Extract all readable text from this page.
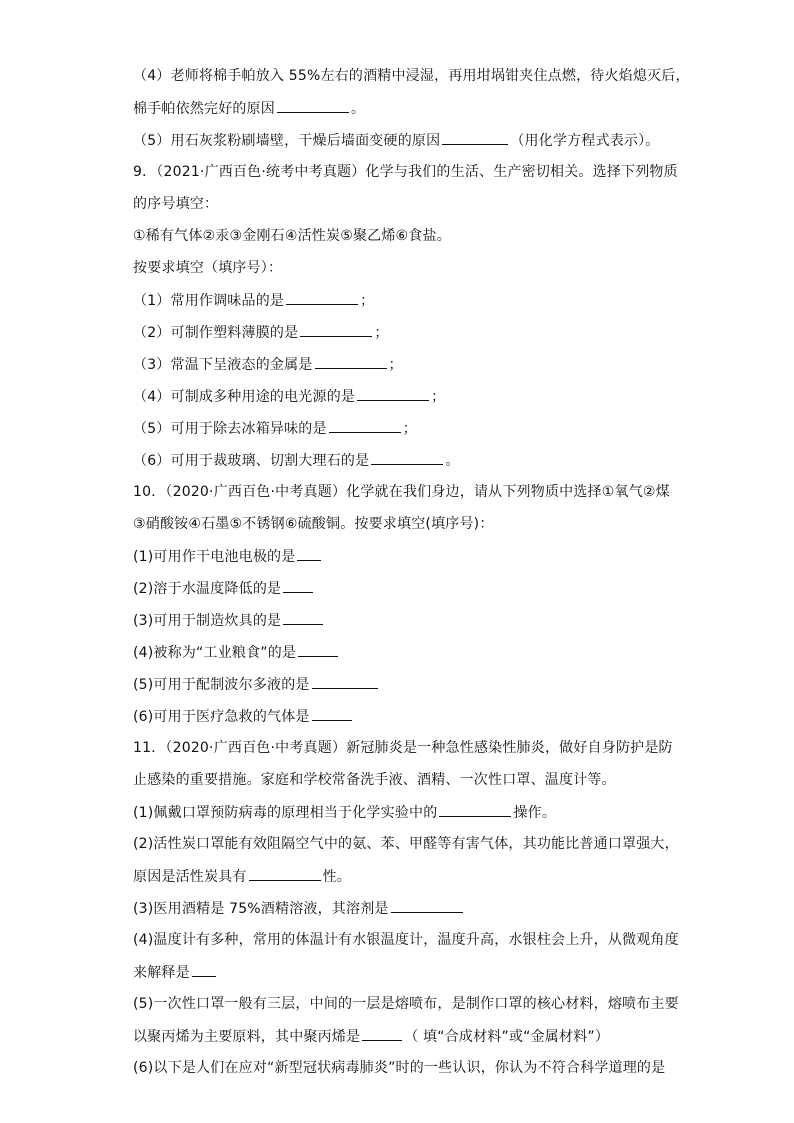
（4）老师将棉手帕放入 55%左右的酒精中浸湿，再用坩埚钳夹住点燃，待火焰熄灭后，
棉手帕依然完好的原因	。
（5）用石灰浆粉刷墙壁，干燥后墙面变硬的原因	（用化学方程式表示）。
9．（2021·广西百色·统考中考真题）化学与我们的生活、生产密切相关。选择下列物质
的序号填空：
①稀有气体②汞③金刚石④活性炭⑤聚乙烯⑥食盐。
按要求填空（填序号）：
（1）常用作调味品的是	；
（2）可制作塑料薄膜的是	；
（3）常温下呈液态的金属是	；
（4）可制成多种用途的电光源的是	；
（5）可用于除去冰箱异味的是	；
（6）可用于裁玻璃、切割大理石的是	。
10．（2020·广西百色·中考真题）化学就在我们身边，请从下列物质中选择①氧气②煤
③硝酸铵④石墨⑤不锈钢⑥硫酸铜。按要求填空(填序号)：
(1)可用作干电池电极的是
(2)溶于水温度降低的是
(3)可用于制造炊具的是
(4)被称为“工业粮食”的是
(5)可用于配制波尔多液的是
(6)可用于医疗急救的气体是
11．（2020·广西百色·中考真题）新冠肺炎是一种急性感染性肺炎，做好自身防护是防
止感染的重要措施。家庭和学校常备洗手液、酒精、一次性口罩、温度计等。
(1)佩戴口罩预防病毒的原理相当于化学实验中的	操作。
(2)活性炭口罩能有效阻隔空气中的氨、苯、甲醛等有害气体，其功能比普通口罩强大，
原因是活性炭具有	性。
(3)医用酒精是 75%酒精溶液，其溶剂是
(4)温度计有多种，常用的体温计有水银温度计，温度升高，水银柱会上升，从微观角度
来解释是
(5)一次性口罩一般有三层，中间的一层是熔喷布，是制作口罩的核心材料，熔喷布主要
以聚丙烯为主要原料，其中聚丙烯是	（ 填“合成材料”或“金属材料”）
(6)以下是人们在应对“新型冠状病毒肺炎”时的一些认识，你认为不符合科学道理的是
